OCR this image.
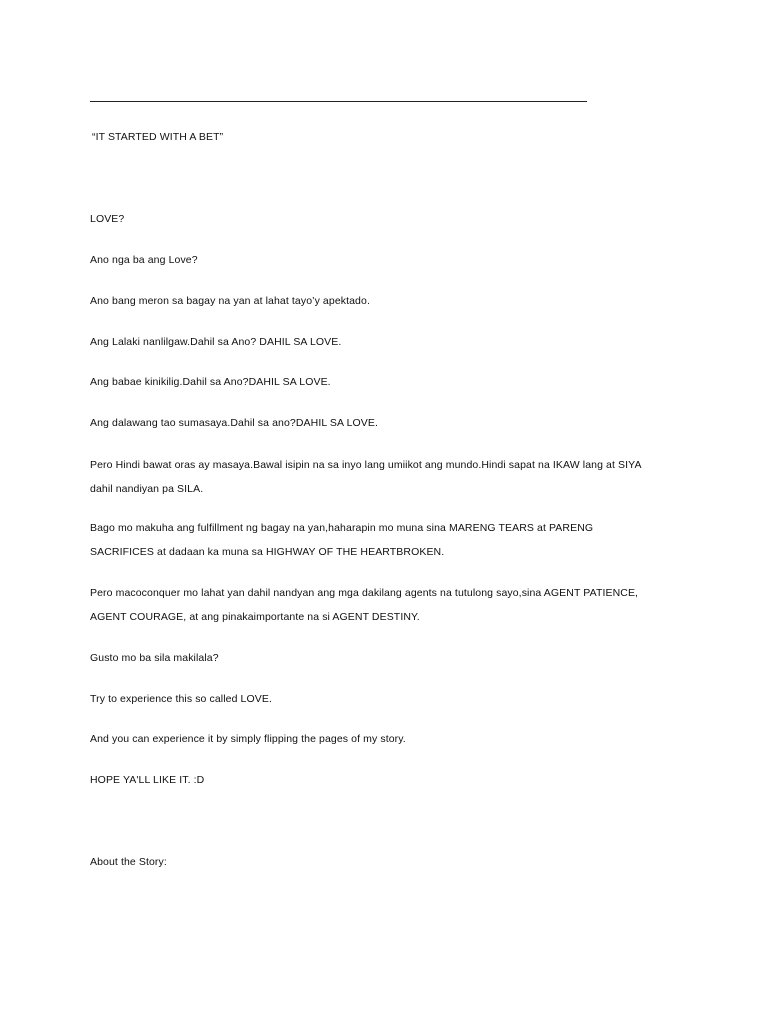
“IT STARTED WITH A BET”
LOVE?
Ano nga ba ang Love?
Ano bang meron sa bagay na yan at lahat tayo’y apektado.
Ang Lalaki nanlilgaw.Dahil sa Ano? DAHIL SA LOVE.
Ang babae kinikilig.Dahil sa Ano?DAHIL SA LOVE.
Ang dalawang tao sumasaya.Dahil sa ano?DAHIL SA LOVE.
Pero Hindi bawat oras ay masaya.Bawal isipin na sa inyo lang umiikot ang mundo.Hindi sapat na IKAW lang at SIYA
dahil nandiyan pa SILA.
Bago mo makuha ang fulfillment ng bagay na yan,haharapin mo muna sina MARENG TEARS at PARENG
SACRIFICES at dadaan ka muna sa HIGHWAY OF THE HEARTBROKEN.
Pero macoconquer mo lahat yan dahil nandyan ang mga dakilang agents na tutulong sayo,sina AGENT PATIENCE,
AGENT COURAGE, at ang pinakaimportante na si AGENT DESTINY.
Gusto mo ba sila makilala?
Try to experience this so called LOVE.
And you can experience it by simply flipping the pages of my story.
HOPE YA'LL LIKE IT. :D
About the Story:
